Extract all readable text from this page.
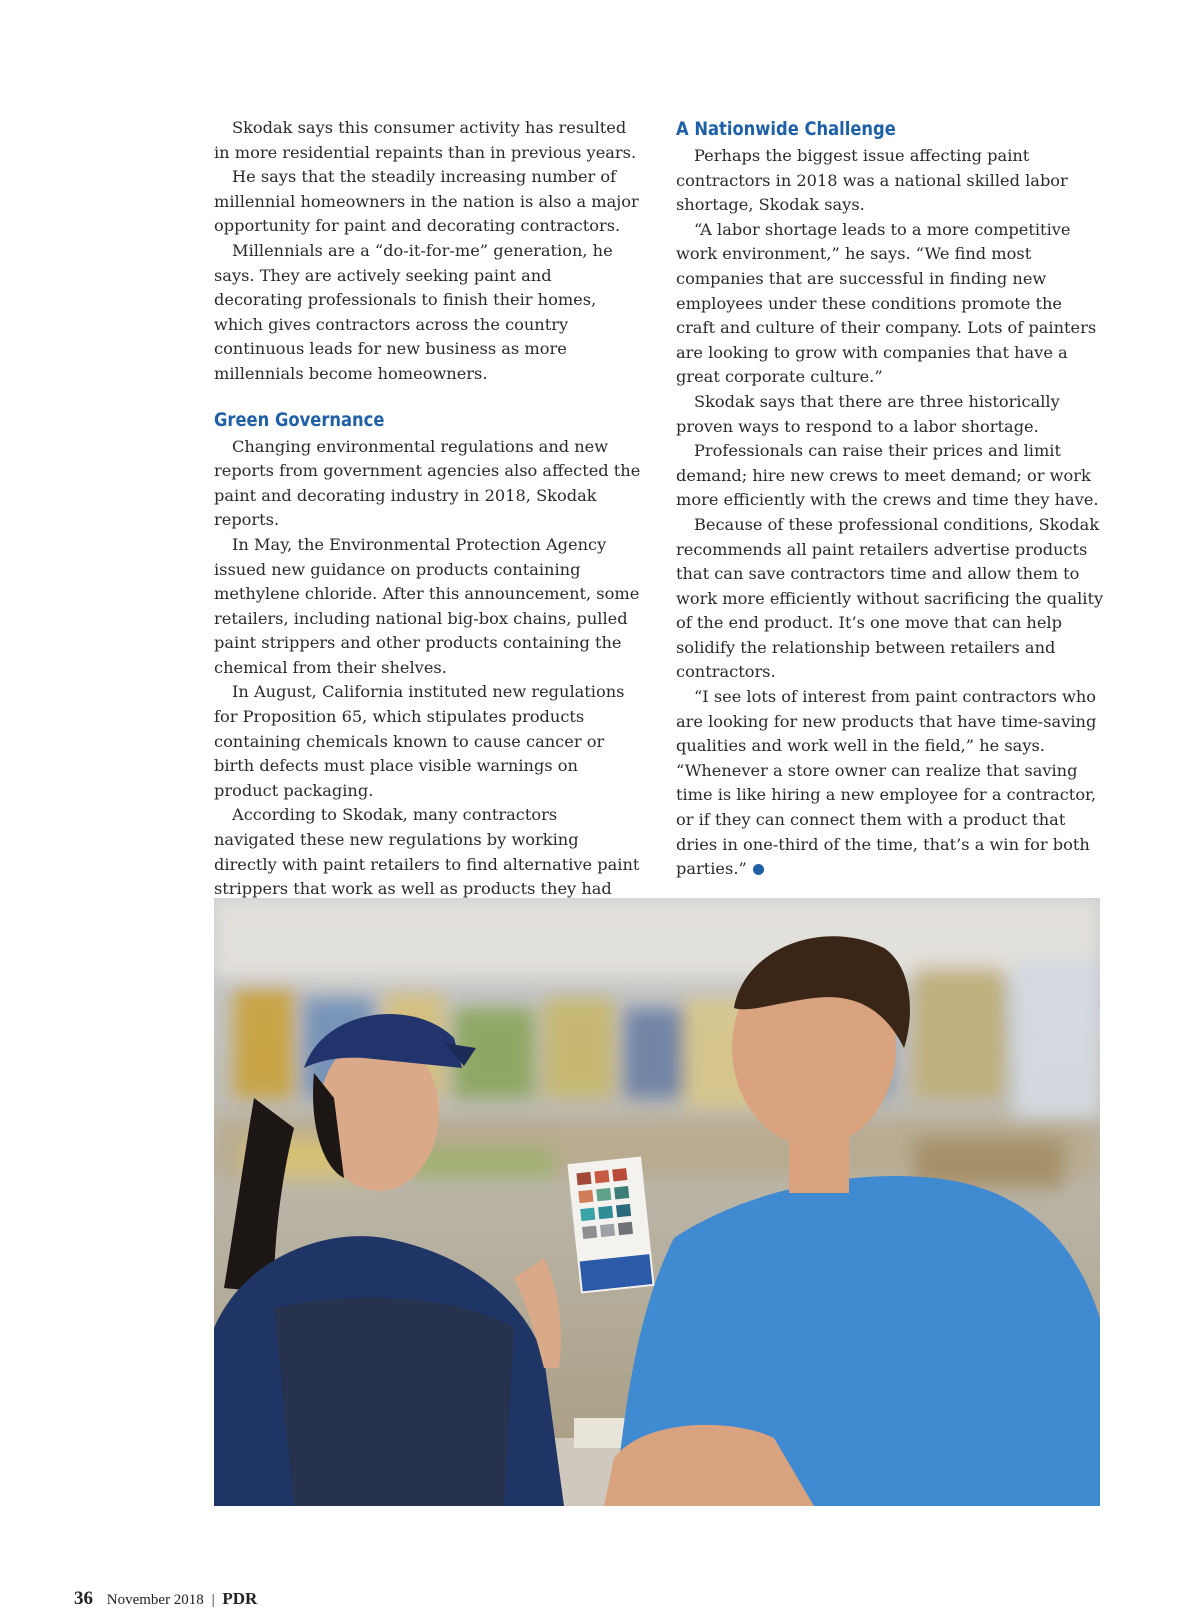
Skodak says this consumer activity has resulted in more residential repaints than in previous years.

He says that the steadily increasing number of millennial homeowners in the nation is also a major opportunity for paint and decorating contractors.

Millennials are a “do-it-for-me” generation, he says. They are actively seeking paint and decorating professionals to finish their homes, which gives contractors across the country continuous leads for new business as more millennials become homeowners.

Green Governance

Changing environmental regulations and new reports from government agencies also affected the paint and decorating industry in 2018, Skodak reports.

In May, the Environmental Protection Agency issued new guidance on products containing methylene chloride. After this announcement, some retailers, including national big-box chains, pulled paint strippers and other products containing the chemical from their shelves.

In August, California instituted new regulations for Proposition 65, which stipulates products containing chemicals known to cause cancer or birth defects must place visible warnings on product packaging.

According to Skodak, many contractors navigated these new regulations by working directly with paint retailers to find alternative paint strippers that work as well as products they had

A Nationwide Challenge

Perhaps the biggest issue affecting paint contractors in 2018 was a national skilled labor shortage, Skodak says.

“A labor shortage leads to a more competitive work environment,” he says. “We find most companies that are successful in finding new employees under these conditions promote the craft and culture of their company. Lots of painters are looking to grow with companies that have a great corporate culture.”

Skodak says that there are three historically proven ways to respond to a labor shortage.

Professionals can raise their prices and limit demand; hire new crews to meet demand; or work more efficiently with the crews and time they have.

Because of these professional conditions, Skodak recommends all paint retailers advertise products that can save contractors time and allow them to work more efficiently without sacrificing the quality of the end product. It’s one move that can help solidify the relationship between retailers and contractors.

“I see lots of interest from paint contractors who are looking for new products that have time-saving qualities and work well in the field,” he says. “Whenever a store owner can realize that saving time is like hiring a new employee for a contractor, or if they can connect them with a product that dries in one-third of the time, that’s a win for both parties.”

36 November 2018 | PDR
